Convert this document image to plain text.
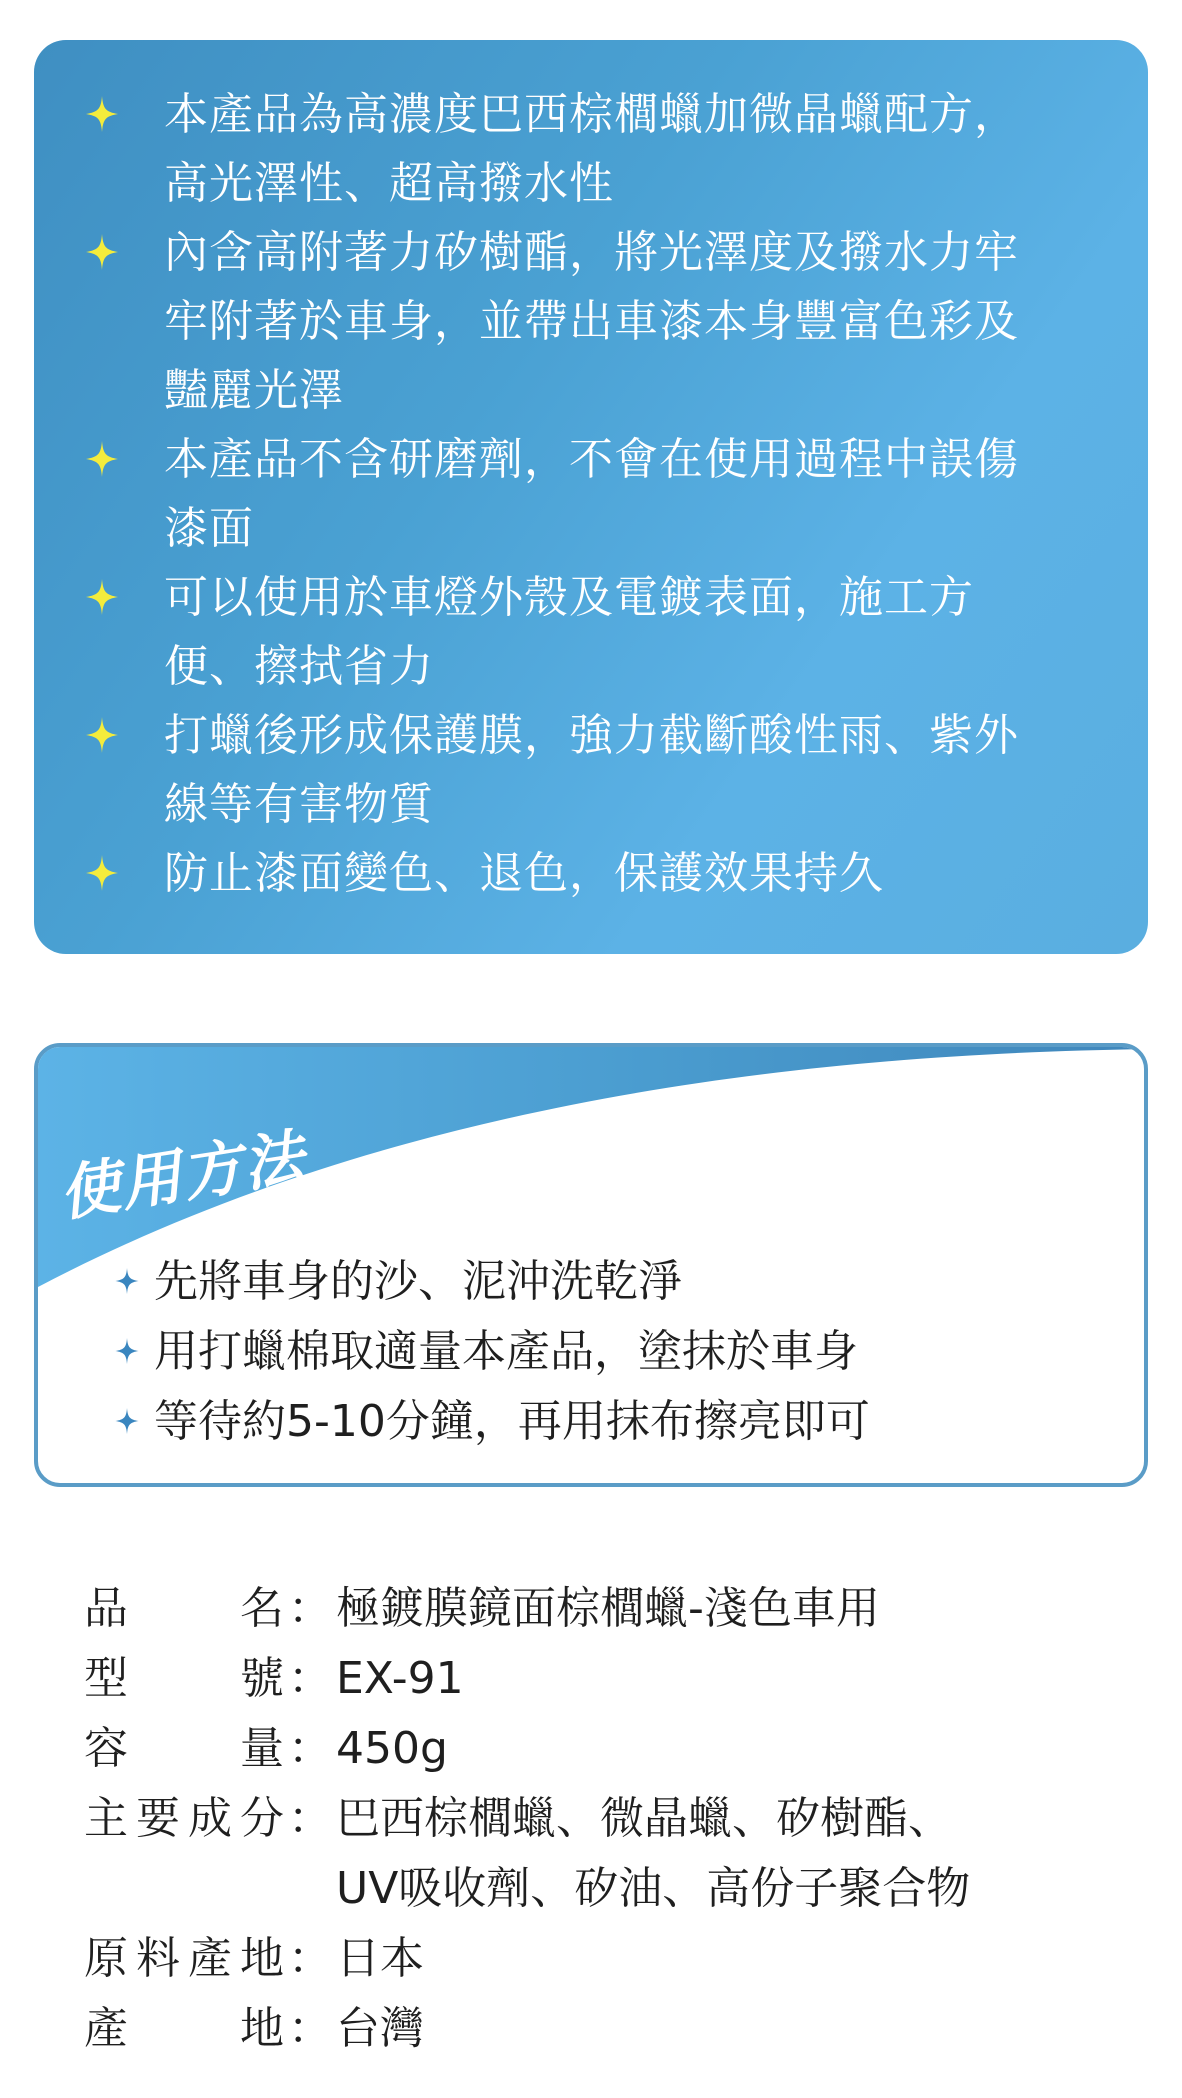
本產品為高濃度巴西棕櫚蠟加微晶蠟配方，
高光澤性、超高撥水性
內含高附著力矽樹酯，將光澤度及撥水力牢
牢附著於車身，並帶出車漆本身豐富色彩及
豔麗光澤
本產品不含研磨劑，不會在使用過程中誤傷
漆面
可以使用於車燈外殼及電鍍表面，施工方
便、擦拭省力
打蠟後形成保護膜，強力截斷酸性雨、紫外
線等有害物質
防止漆面變色、退色，保護效果持久
使用方法
先將車身的沙、泥沖洗乾淨
用打蠟棉取適量本產品，塗抹於車身
等待約5-10分鐘，再用抹布擦亮即可
品	名 ： 極鍍膜鏡面棕櫚蠟-淺色車用
型	號 ： EX-91
容	量 ： 450g
主 要 成 分 ： 巴西棕櫚蠟、微晶蠟、矽樹酯、
UV吸收劑、矽油、高份子聚合物
原 料 產 地 ： 日本
產	地 ： 台灣
